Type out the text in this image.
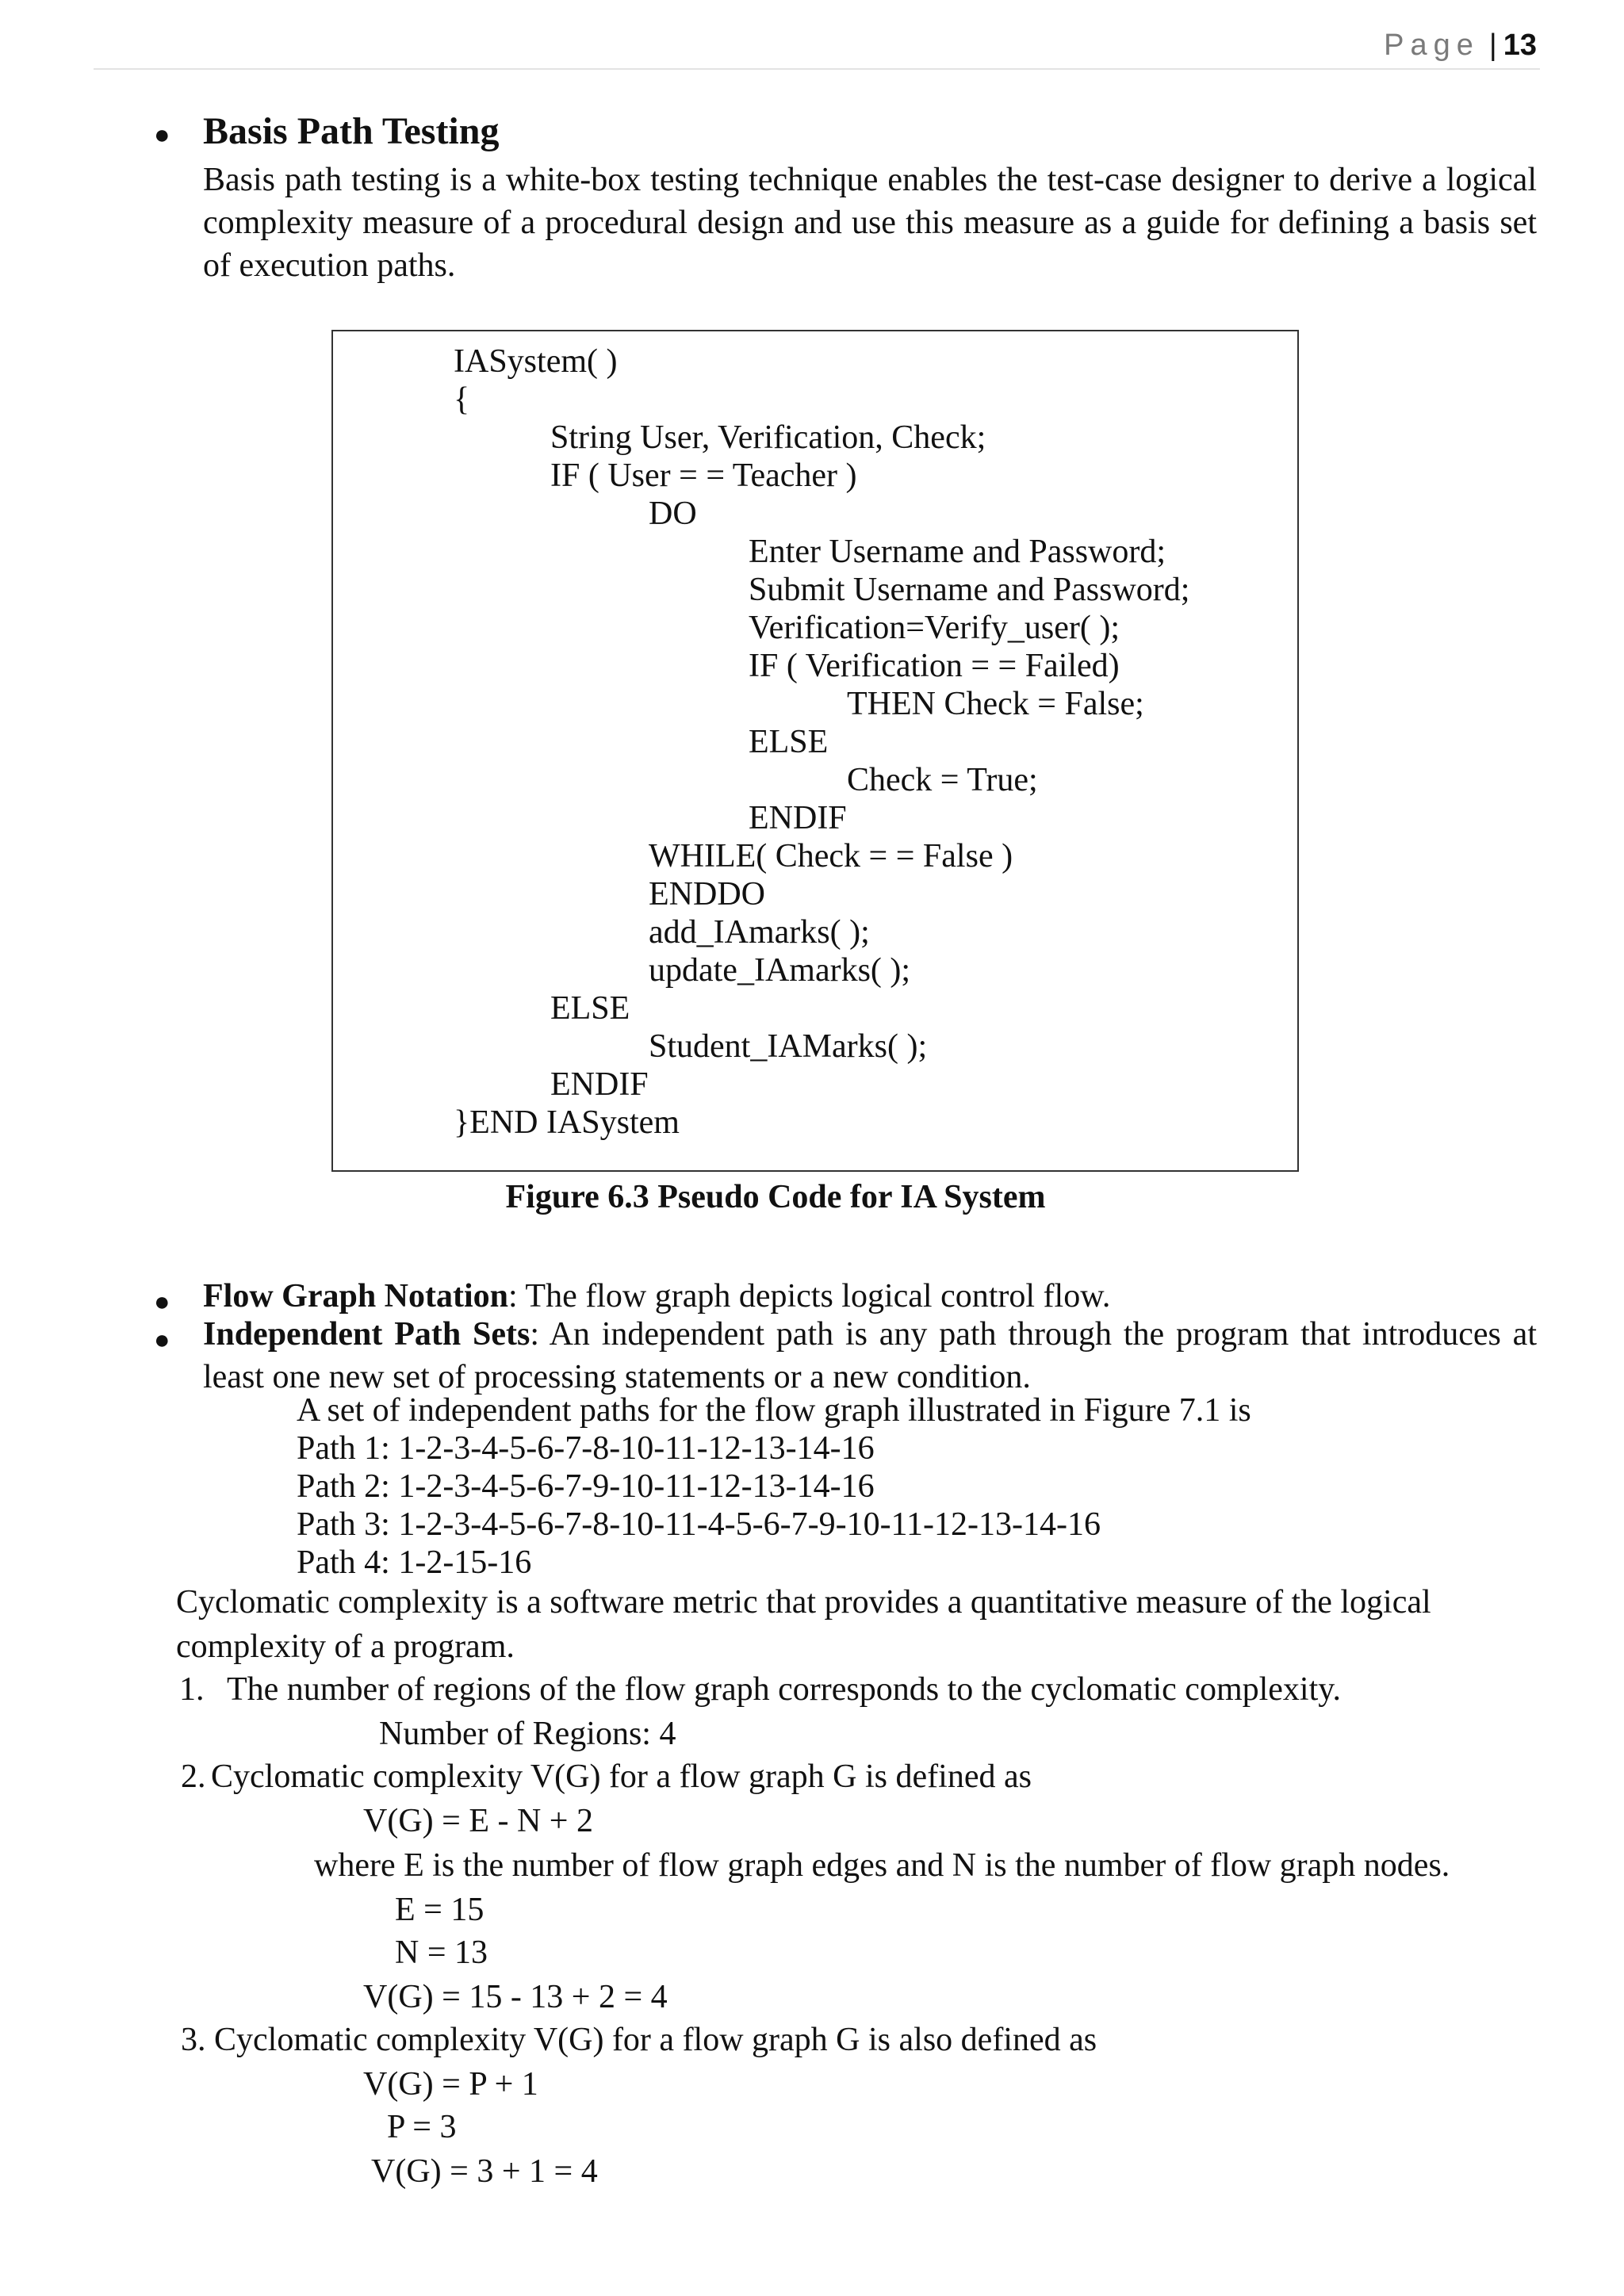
Page | 13
● Basis Path Testing
Basis path testing is a white-box testing technique enables the test-case designer to derive a logical complexity measure of a procedural design and use this measure as a guide for defining a basis set of execution paths.
IASystem( )
{
String User, Verification, Check;
IF ( User = = Teacher )
DO
Enter Username and Password;
Submit Username and Password;
Verification=Verify_user( );
IF ( Verification = = Failed)
THEN Check = False;
ELSE
Check = True;
ENDIF
WHILE( Check = = False )
ENDDO
add_IAmarks( );
update_IAmarks( );
ELSE
Student_IAMarks( );
ENDIF
}END IASystem
Figure 6.3 Pseudo Code for IA System
● Flow Graph Notation: The flow graph depicts logical control flow.
● Independent Path Sets: An independent path is any path through the program that introduces at least one new set of processing statements or a new condition.
A set of independent paths for the flow graph illustrated in Figure 7.1 is
Path 1: 1-2-3-4-5-6-7-8-10-11-12-13-14-16
Path 2: 1-2-3-4-5-6-7-9-10-11-12-13-14-16
Path 3: 1-2-3-4-5-6-7-8-10-11-4-5-6-7-9-10-11-12-13-14-16
Path 4: 1-2-15-16
Cyclomatic complexity is a software metric that provides a quantitative measure of the logical
complexity of a program.
1. The number of regions of the flow graph corresponds to the cyclomatic complexity.
Number of Regions: 4
2. Cyclomatic complexity V(G) for a flow graph G is defined as
V(G) = E - N + 2
where E is the number of flow graph edges and N is the number of flow graph nodes.
E = 15
N = 13
V(G) = 15 - 13 + 2 = 4
3. Cyclomatic complexity V(G) for a flow graph G is also defined as
V(G) = P + 1
P = 3
V(G) = 3 + 1 = 4
